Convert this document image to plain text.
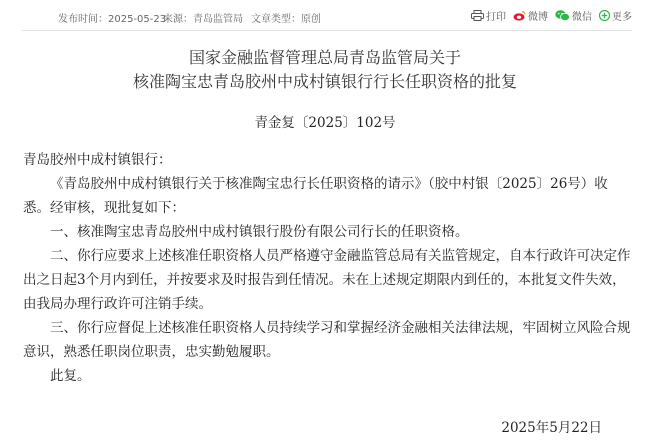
发布时间：2025-05-23
来源：青岛监管局 文章类型：原创	打印 微博 微信 更多
国家金融监督管理总局青岛监管局关于
核准陶宝忠青岛胶州中成村镇银行行长任职资格的批复
青金复〔2025〕102号

青岛胶州中成村镇银行：

《青岛胶州中成村镇银行关于核准陶宝忠行长任职资格的请示》（胶中村银〔2025〕26号）收悉。经审核，现批复如下：

一、核准陶宝忠青岛胶州中成村镇银行股份有限公司行长的任职资格。

二、你行应要求上述核准任职资格人员严格遵守金融监管总局有关监管规定，自本行政许可决定作出之日起3个月内到任，并按要求及时报告到任情况。未在上述规定期限内到任的，本批复文件失效，由我局办理行政许可注销手续。

三、你行应督促上述核准任职资格人员持续学习和掌握经济金融相关法律法规，牢固树立风险合规意识，熟悉任职岗位职责，忠实勤勉履职。

此复。

2025年5月22日
